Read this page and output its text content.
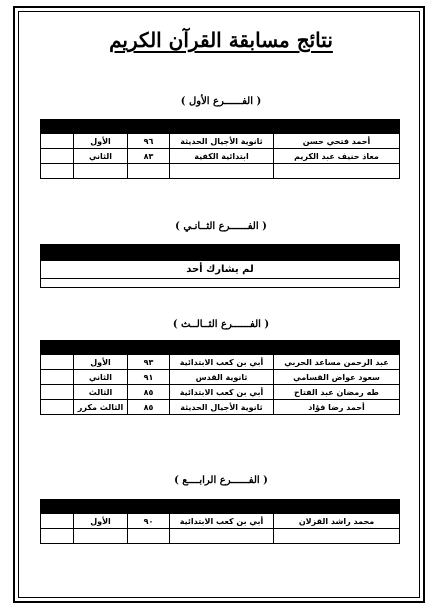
نتائج مسابقة القرآن الكريم
( الفــــــرع الأول )

أحمد فتحي حسن	ثانوية الأجيال الحديثة	٩٦	الأول	
معاذ حنيف عبد الكريم	ابتدائية الكفية	٨٣	الثاني	

( الفــــــرع الثــانـي )

لم يشارك أحد

( الفــــــرع الثــالــث )

عبد الرحمن مساعد الحربي	أبي بن كعب الابتدائية	٩٣	الأول	
سعود عواض القسامي	ثانوية القدس	٩١	الثاني	
طه رمضان عبد الفتاح	أبي بن كعب الابتدائية	٨٥	الثالث	
أحمد رضا فؤاد	ثانوية الأجيال الحديثة	٨٥	الثالث مكرر	
( الفــــــرع الرابــــع )

محمد راشد القزلان	أبي بن كعب الابتدائية	٩٠	الأول	
